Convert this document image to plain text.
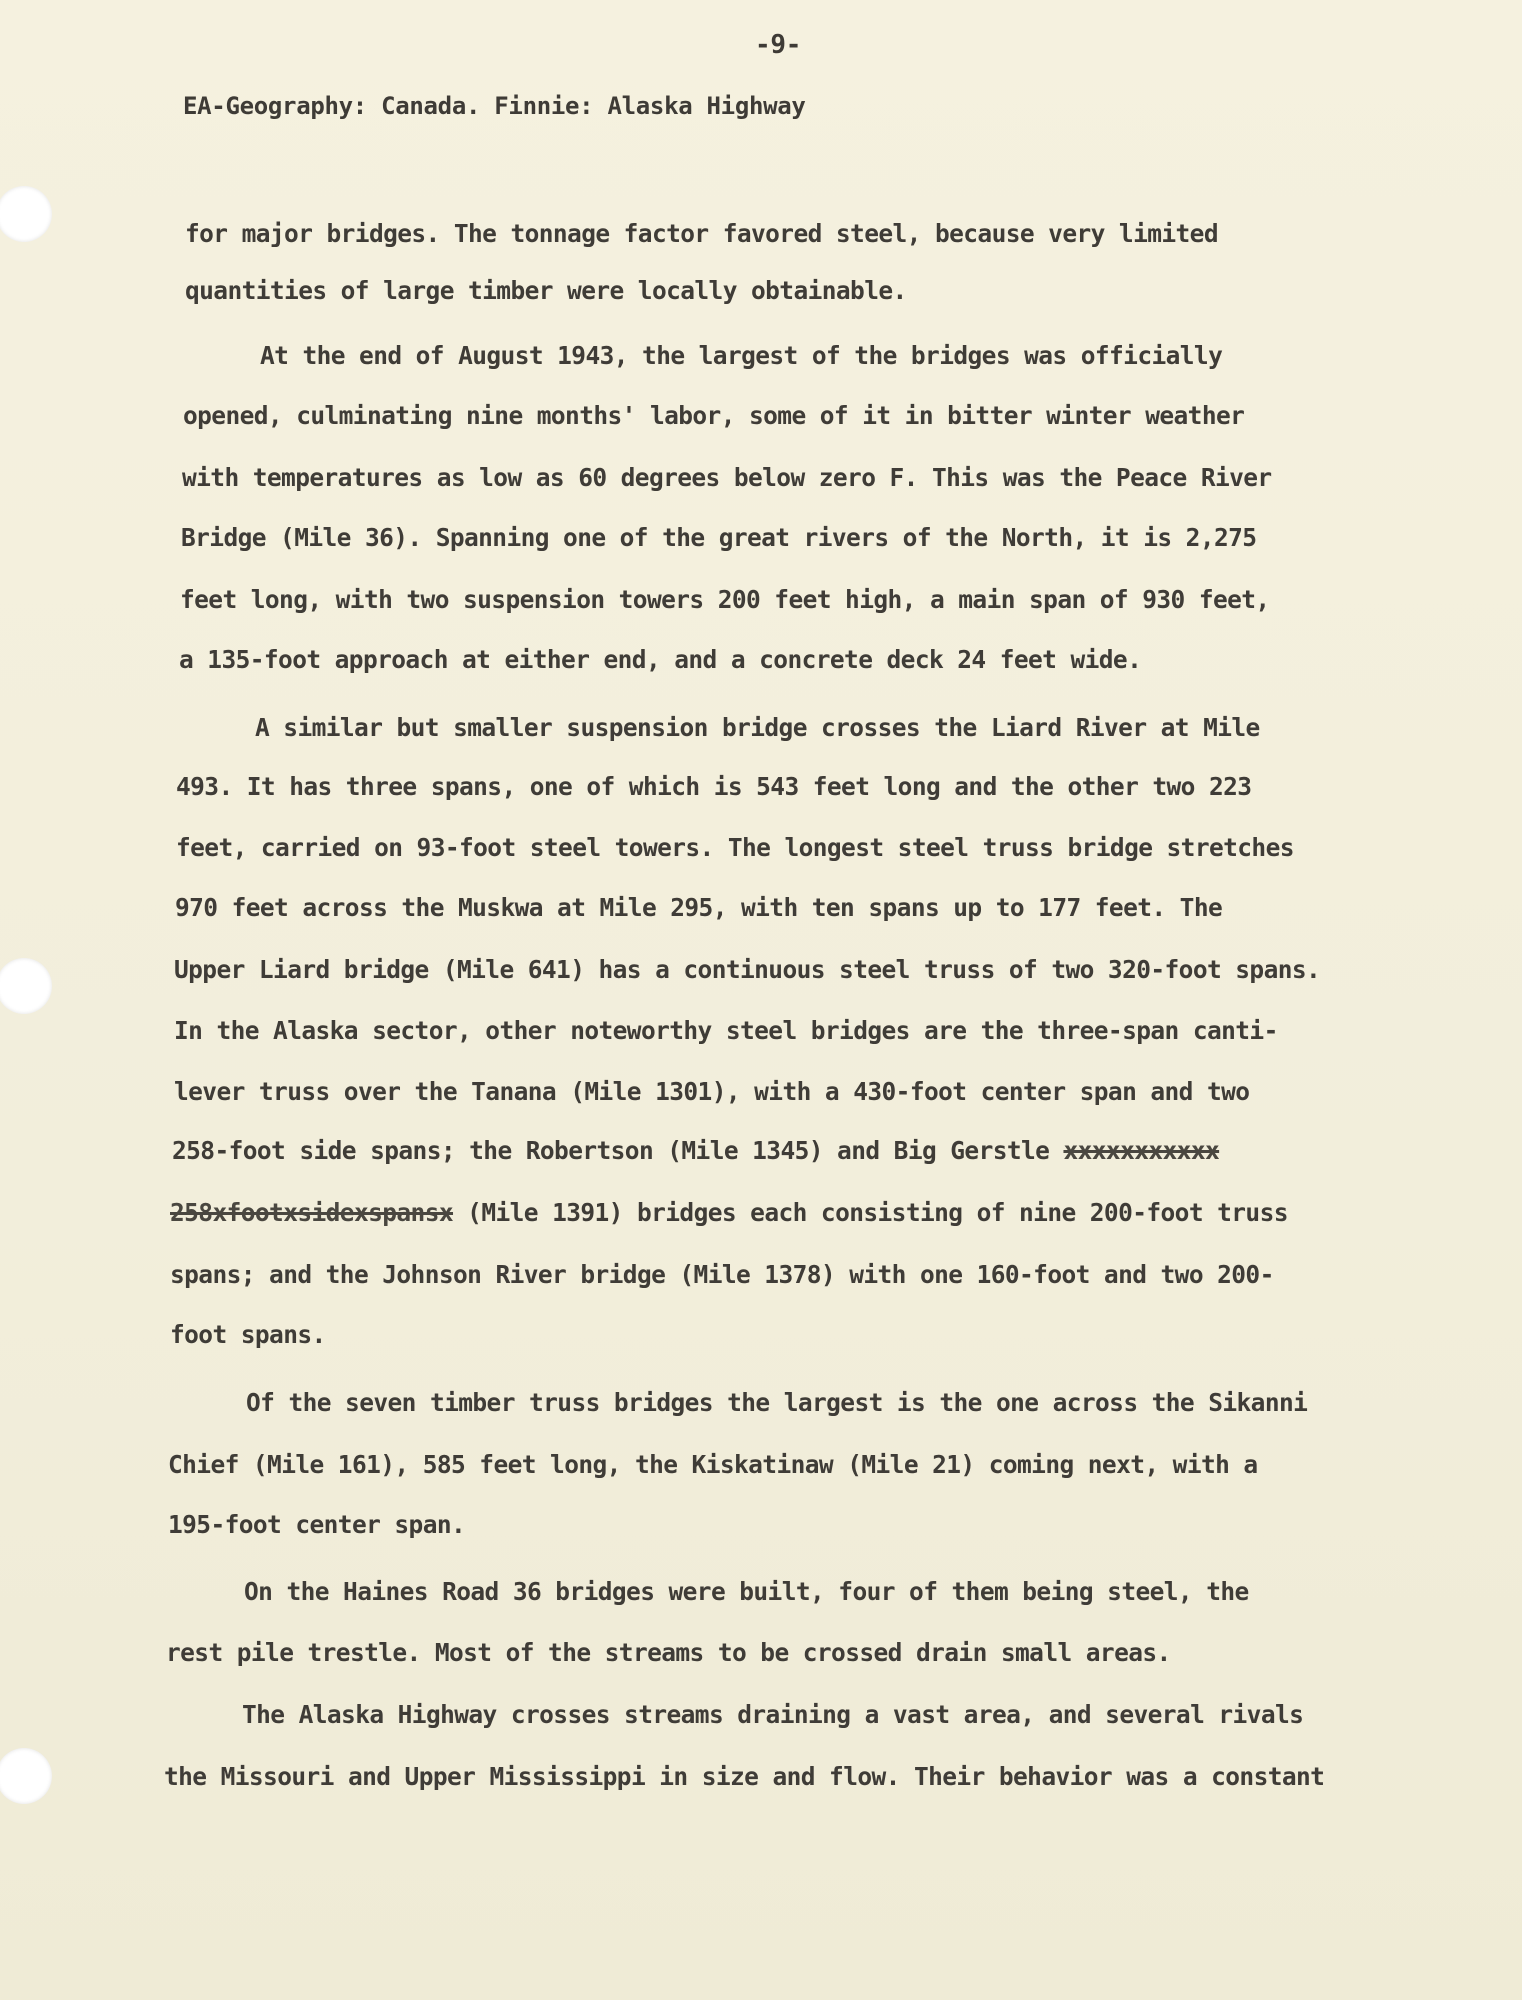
-9-
EA-Geography: Canada. Finnie: Alaska Highway
for major bridges. The tonnage factor favored steel, because very limited
quantities of large timber were locally obtainable.
At the end of August 1943, the largest of the bridges was officially
opened, culminating nine months' labor, some of it in bitter winter weather
with temperatures as low as 60 degrees below zero F. This was the Peace River
Bridge (Mile 36). Spanning one of the great rivers of the North, it is 2,275
feet long, with two suspension towers 200 feet high, a main span of 930 feet,
a 135-foot approach at either end, and a concrete deck 24 feet wide.
A similar but smaller suspension bridge crosses the Liard River at Mile
493. It has three spans, one of which is 543 feet long and the other two 223
feet, carried on 93-foot steel towers. The longest steel truss bridge stretches
970 feet across the Muskwa at Mile 295, with ten spans up to 177 feet. The
Upper Liard bridge (Mile 641) has a continuous steel truss of two 320-foot spans.
In the Alaska sector, other noteworthy steel bridges are the three-span canti-
lever truss over the Tanana (Mile 1301), with a 430-foot center span and two
258-foot side spans; the Robertson (Mile 1345) and Big Gerstle xxxxxxxxxxx
258xfootxsidexspansx (Mile 1391) bridges each consisting of nine 200-foot truss
spans; and the Johnson River bridge (Mile 1378) with one 160-foot and two 200-
foot spans.
Of the seven timber truss bridges the largest is the one across the Sikanni
Chief (Mile 161), 585 feet long, the Kiskatinaw (Mile 21) coming next, with a
195-foot center span.
On the Haines Road 36 bridges were built, four of them being steel, the
rest pile trestle. Most of the streams to be crossed drain small areas.
The Alaska Highway crosses streams draining a vast area, and several rivals
the Missouri and Upper Mississippi in size and flow. Their behavior was a constant
